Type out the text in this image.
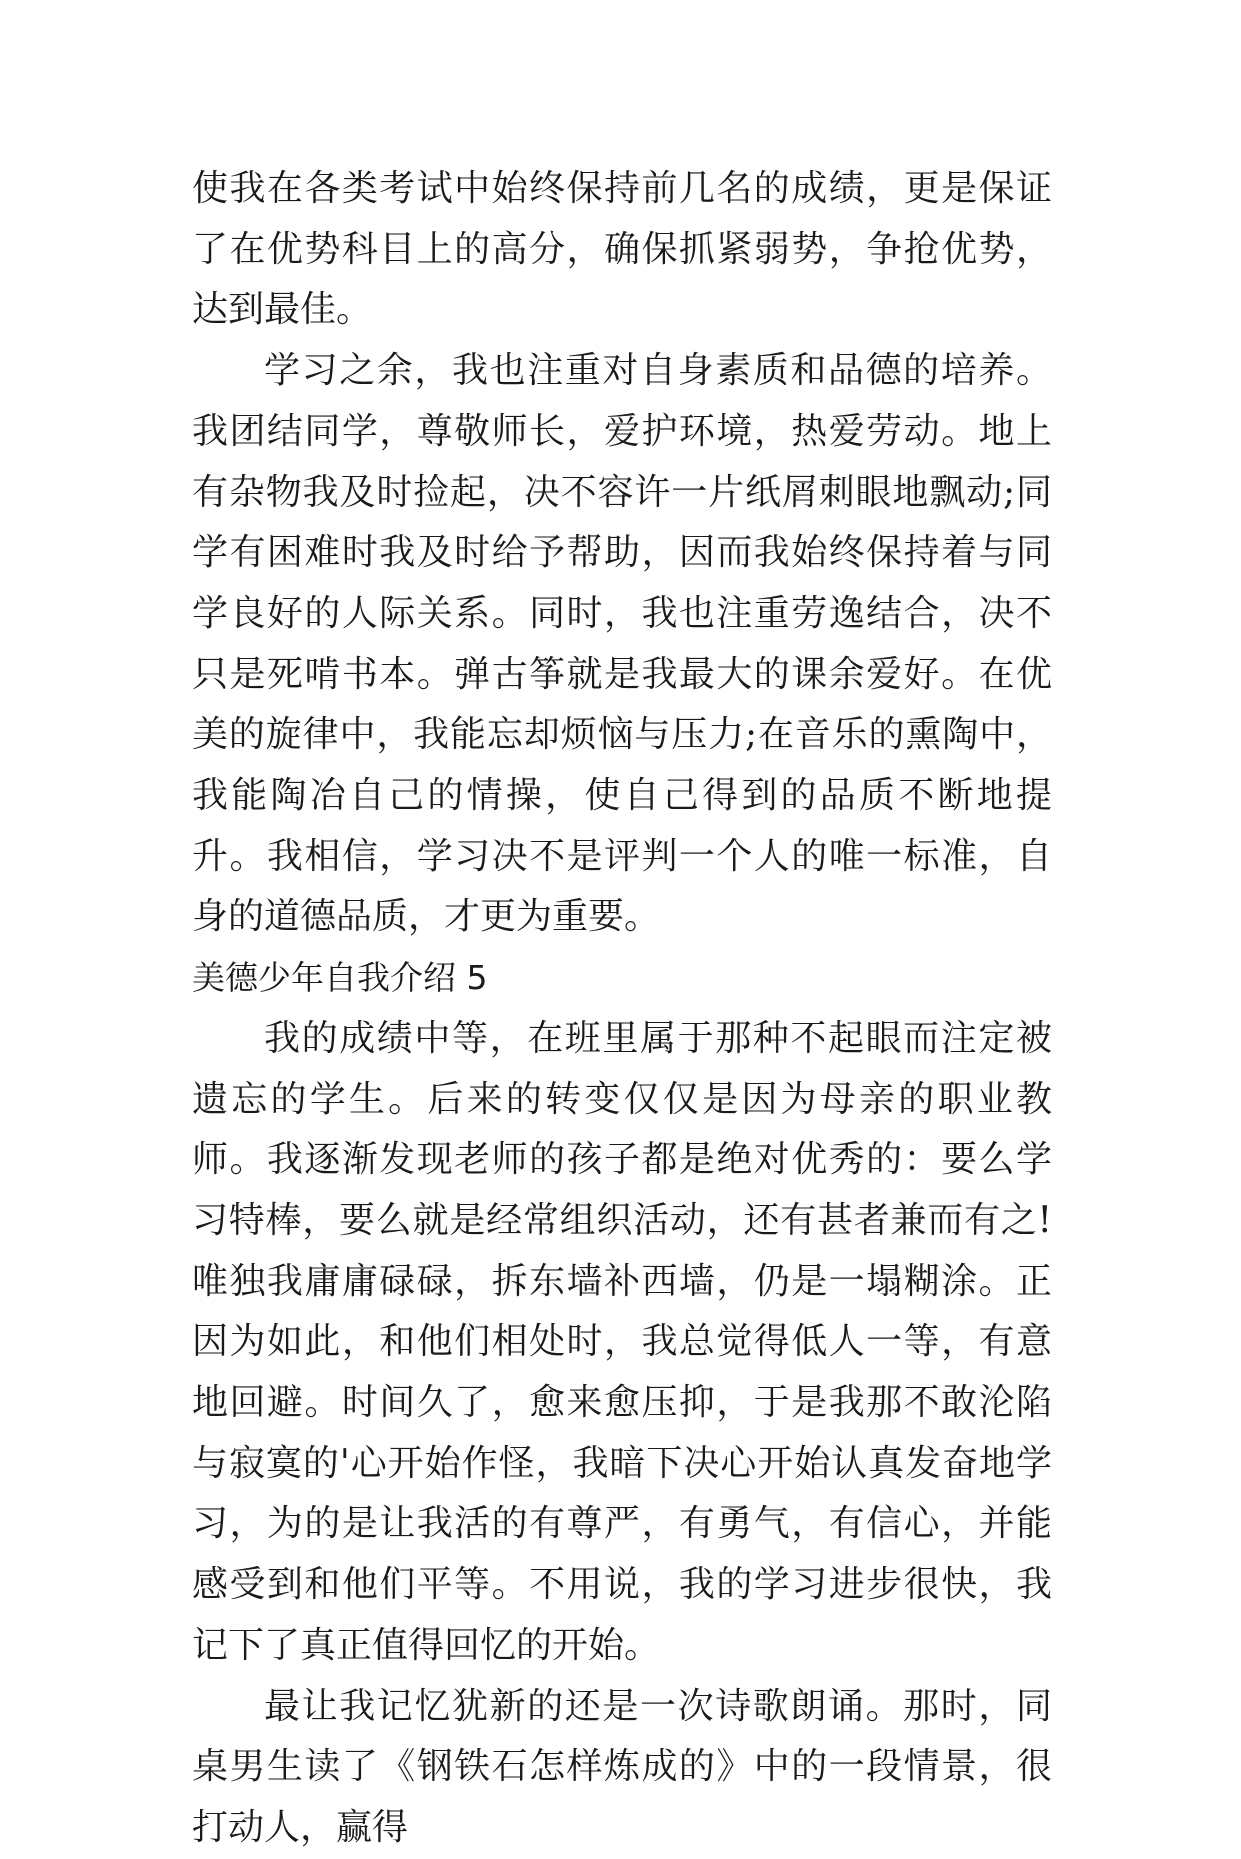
使我在各类考试中始终保持前几名的成绩，更是保证了在优势科目上的高分，确保抓紧弱势，争抢优势，达到最佳。

学习之余，我也注重对自身素质和品德的培养。我团结同学，尊敬师长，爱护环境，热爱劳动。地上有杂物我及时捡起，决不容许一片纸屑刺眼地飘动;同学有困难时我及时给予帮助，因而我始终保持着与同学良好的人际关系。同时，我也注重劳逸结合，决不只是死啃书本。弹古筝就是我最大的课余爱好。在优美的旋律中，我能忘却烦恼与压力;在音乐的熏陶中，我能陶冶自己的情操，使自己得到的品质不断地提升。我相信，学习决不是评判一个人的唯一标准，自身的道德品质，才更为重要。

美德少年自我介绍 5

我的成绩中等，在班里属于那种不起眼而注定被遗忘的学生。后来的转变仅仅是因为母亲的职业教师。我逐渐发现老师的孩子都是绝对优秀的：要么学习特棒，要么就是经常组织活动，还有甚者兼而有之!唯独我庸庸碌碌，拆东墙补西墙，仍是一塌糊涂。正因为如此，和他们相处时，我总觉得低人一等，有意地回避。时间久了，愈来愈压抑，于是我那不敢沦陷与寂寞的'心开始作怪，我暗下决心开始认真发奋地学习，为的是让我活的有尊严，有勇气，有信心，并能感受到和他们平等。不用说，我的学习进步很快，我记下了真正值得回忆的开始。

最让我记忆犹新的还是一次诗歌朗诵。那时，同桌男生读了《钢铁石怎样炼成的》中的一段情景，很打动人，赢得
